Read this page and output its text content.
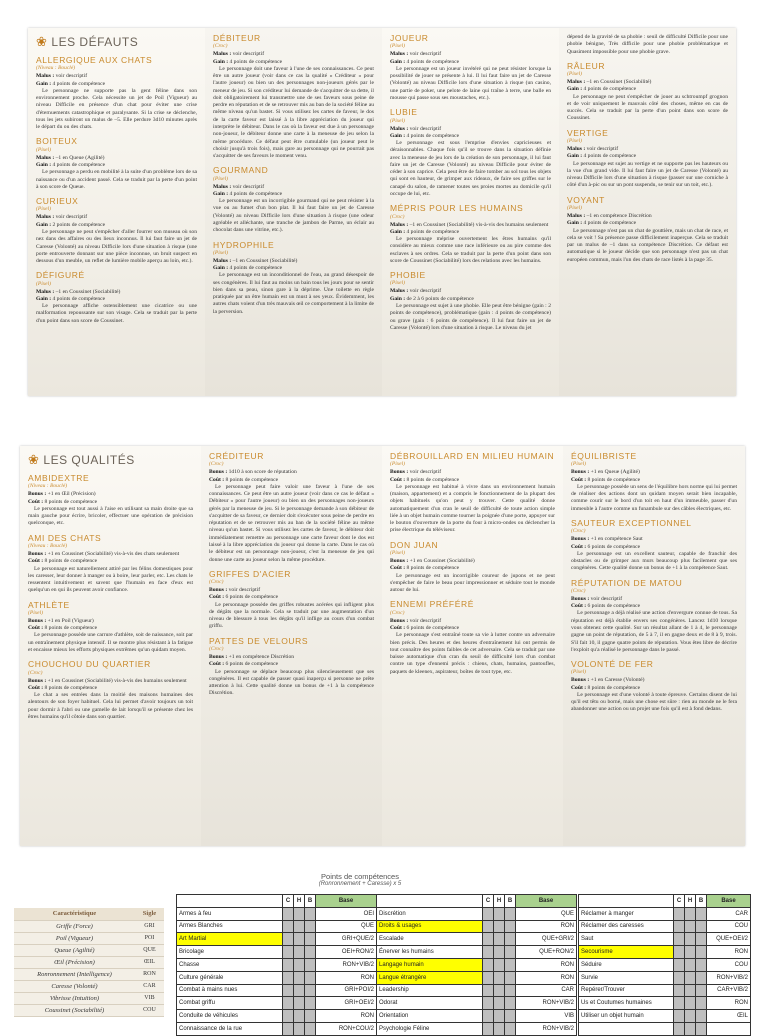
❀ LES DÉFAUTS
ALLERGIQUE AUX CHATS
(Niveau : Bouclé)
Malus : voir descriptif
Gain : 4 points de compétence

Le personnage ne supporte pas la gent féline dans son environnement proche. Cela nécessite un jet de Poil (Vigueur) au niveau Difficile en présence d'un chat pour éviter une crise d'éternuements catastrophique et paralysante. Si la crise se déclenche, tous les jets subiront un malus de –5. Elle perdure 3d10 minutes après le départ du ou des chats.

BOITEUX
(Pixel)
Malus : –1 en Queue (Agilité)
Gain : 4 points de compétence

Le personnage a perdu en mobilité à la suite d'un problème lors de sa naissance ou d'un accident passé. Cela se traduit par la perte d'un point à son score de Queue.

CURIEUX
(Pixel)
Malus : voir descriptif
Gain : 2 points de compétence

Le personnage ne peut s'empêcher d'aller fourrer son museau où son nez dans des affaires ou des lieux inconnus. Il lui faut faire un jet de Caresse (Volonté) au niveau Difficile lors d'une situation à risque (une porte entrouverte donnant sur une pièce inconnue, un bruit suspect en dessous d'un meuble, un reflet de lumière mobile aperçu au loin, etc.).

DÉFIGURÉ
(Pixel)
Malus : –1 en Coussinet (Sociabilité)
Gain : 4 points de compétence

Le personnage affiche ostensiblement une cicatrice ou une malformation repoussante sur son visage. Cela se traduit par la perte d'un point dans son score de Coussinet.

DÉBITEUR
(Croc)
Malus : voir descriptif
Gain : 4 points de compétence

Le personnage doit une faveur à l'une de ses connaissances. Ce peut être un autre joueur (voir dans ce cas la qualité « Créditeur » pour l'autre joueur) ou bien un des personnages non-joueurs gérés par le meneur de jeu. Si son créditeur lui demande de s'acquitter de sa dette, il doit obligatoirement lui transmettre une de ses faveurs sous peine de perdre en réputation et de se retrouver mis au ban de la société féline au même niveau qu'un bastet. Si vous utilisez les cartes de faveur, le dos de la carte faveur est laissé à la libre appréciation du joueur qui interprète le débiteur. Dans le cas où la faveur est due à un personnage non-joueur, le débiteur donne une carte à la meneuse de jeu selon la même procédure. Ce défaut peut être cumulable (un joueur peut le choisir jusqu'à trois fois), mais gare au personnage qui ne pourrait pas s'acquitter de ses faveurs le moment venu.

GOURMAND
(Pixel)
Malus : voir descriptif
Gain : 4 points de compétence

Le personnage est un incorrigible gourmand qui ne peut résister à la vue ou au fumet d'un bon plat. Il lui faut faire un jet de Caresse (Volonté) au niveau Difficile lors d'une situation à risque (une odeur agréable et alléchante, une tranche de jambon de Parme, un éclair au chocolat dans une vitrine, etc.).

HYDROPHILE
(Pixel)
Malus : –1 en Coussinet (Sociabilité)
Gain : 4 points de compétence

Le personnage est un inconditionnel de l'eau, au grand désespoir de ses congénères. Il lui faut au moins un bain tous les jours pour se sentir bien dans sa peau, sinon gare à la déprime. Une toilette en règle pratiquée par un être humain est un must à ses yeux. Évidemment, les autres chats voient d'un très mauvais œil ce comportement à la limite de la perversion.

JOUEUR
(Pixel)
Malus : voir descriptif
Gain : 4 points de compétence

Le personnage est un joueur invétéré qui ne peut résister lorsque la possibilité de jouer se présente à lui. Il lui faut faire un jet de Caresse (Volonté) au niveau Difficile lors d'une situation à risque (un casino, une partie de poker, une pelote de laine qui traîne à terre, une balle en mousse qui passe sous ses moustaches, etc.).

LUBIE
(Pixel)
Malus : voir descriptif
Gain : 4 points de compétence

Le personnage est sous l'emprise d'envies capricieuses et déraisonnables. Chaque fois qu'il se trouve dans la situation définie avec la meneuse de jeu lors de la création de son personnage, il lui faut faire un jet de Caresse (Volonté) au niveau Difficile pour éviter de céder à son caprice. Cela peut être de faire tomber au sol tous les objets qui sont en hauteur, de grimper aux rideaux, de faire ses griffes sur le canapé du salon, de ramener toutes ses proies mortes au domicile qu'il occupe de lui, etc.

MÉPRIS POUR LES HUMAINS
(Croc)
Malus : –1 en Coussinet (Sociabilité) vis-à-vis des humains seulement
Gain : 4 points de compétence

Le personnage méprise ouvertement les êtres humains qu'il considère au mieux comme une race inférieure ou au pire comme des esclaves à ses ordres. Cela se traduit par la perte d'un point dans son score de Coussinet (Sociabilité) lors des relations avec les humains.

PHOBIE
(Pixel)
Malus : voir descriptif
Gain : de 2 à 6 points de compétence

Le personnage est sujet à une phobie. Elle peut être bénigne (gain : 2 points de compétence), problématique (gain : 4 points de compétence) ou grave (gain : 6 points de compétence). Il lui faut faire un jet de Caresse (Volonté) lors d'une situation à risque. Le niveau du jet

dépend de la gravité de sa phobie : seuil de difficulté Difficile pour une phobie bénigne, Très difficile pour une phobie problématique et Quasiment impossible pour une phobie grave.

RÂLEUR
(Pixel)
Malus : –1 en Coussinet (Sociabilité)
Gain : 4 points de compétence

Le personnage ne peut s'empêcher de jouer au schtroumpf grognon et de voir uniquement le mauvais côté des choses, même en cas de succès. Cela se traduit par la perte d'un point dans son score de Coussinet.

VERTIGE
(Pixel)
Malus : voir descriptif
Gain : 4 points de compétence

Le personnage est sujet au vertige et ne supporte pas les hauteurs ou la vue d'un grand vide. Il lui faut faire un jet de Caresse (Volonté) au niveau Difficile lors d'une situation à risque (passer sur une corniche à côté d'un à-pic ou sur un pont suspendu, se tenir sur un toit, etc.).

VOYANT
(Pixel)
Malus : –1 en compétence Discrétion
Gain : 4 points de compétence

Le personnage n'est pas un chat de gouttière, mais un chat de race, et cela se voit ! Sa présence passe difficilement inaperçue. Cela se traduit par un malus de –1 dans sa compétence Discrétion. Ce défaut est automatique si le joueur décide que son personnage n'est pas un chat européen commun, mais l'un des chats de race listés à la page 35.

❀ LES QUALITÉS
AMBIDEXTRE
(Niveau : Bouclé)
Bonus : +1 en Œil (Précision)
Coût : 8 points de compétence

Le personnage est tout aussi à l'aise en utilisant sa main droite que sa main gauche pour écrire, bricoler, effectuer une opération de précision quelconque, etc.

AMI DES CHATS
(Niveau : Bouclé)
Bonus : +1 en Coussinet (Sociabilité) vis-à-vis des chats seulement
Coût : 8 points de compétence

Le personnage est naturellement attiré par les félins domestiques pour les caresser, leur donner à manger ou à boire, leur parler, etc. Les chats le ressentent intuitivement et savent que l'humain en face d'eux est quelqu'un en qui ils peuvent avoir confiance.

ATHLÈTE
(Pixel)
Bonus : +1 en Poil (Vigueur)
Coût : 8 points de compétence

Le personnage possède une carrure d'athlète, soit de naissance, soit par un entraînement physique intensif. Il se montre plus résistant à la fatigue et encaisse mieux les efforts physiques extrêmes qu'un quidam moyen.

CHOUCHOU DU QUARTIER
(Croc)
Bonus : +1 en Coussinet (Sociabilité) vis-à-vis des humains seulement
Coût : 8 points de compétence

Le chat a ses entrées dans la moitié des maisons humaines des alentours de son foyer habituel. Cela lui permet d'avoir toujours un toit pour dormir à l'abri ou une gamelle de lait lorsqu'il se présente chez les êtres humains qu'il côtoie dans son quartier.

CRÉDITEUR
(Croc)
Bonus : 1d10 à son score de réputation
Coût : 8 points de compétence

Le personnage peut faire valoir une faveur à l'une de ses connaissances. Ce peut être un autre joueur (voir dans ce cas le défaut « Débiteur » pour l'autre joueur) ou bien un des personnages non-joueurs gérés par la meneuse de jeu. Si le personnage demande à son débiteur de s'acquitter de sa faveur, ce dernier doit s'exécuter sous peine de perdre en réputation et de se retrouver mis au ban de la société féline au même niveau qu'un bastet. Si vous utilisez les cartes de faveur, le débiteur doit immédiatement remettre au personnage une carte faveur dont le dos est laissé à la libre appréciation du joueur qui donne la carte. Dans le cas où le débiteur est un personnage non-joueur, c'est la meneuse de jeu qui donne une carte au joueur selon la même procédure.

GRIFFES D'ACIER
(Croc)
Bonus : voir descriptif
Coût : 6 points de compétence

Le personnage possède des griffes robustes acérées qui infligent plus de dégâts que la normale. Cela se traduit par une augmentation d'un niveau de blessure à tous les dégâts qu'il inflige au cours d'un combat griffu.

PATTES DE VELOURS
(Croc)
Bonus : +1 en compétence Discrétion
Coût : 6 points de compétence

Le personnage se déplace beaucoup plus silencieusement que ses congénères. Il est capable de passer quasi inaperçu si personne ne prête attention à lui. Cette qualité donne un bonus de +1 à la compétence Discrétion.

DÉBROUILLARD EN MILIEU HUMAIN
(Pixel)
Bonus : voir descriptif
Coût : 8 points de compétence

Le personnage est habitué à vivre dans un environnement humain (maison, appartement) et a compris le fonctionnement de la plupart des objets habituels qu'on peut y trouver. Cette qualité donne automatiquement d'un cran le seuil de difficulté de toute action simple liée à un objet humain comme tourner la poignée d'une porte, appuyer sur le bouton d'ouverture de la porte du four à micro-ondes ou déclencher la prise électrique du téléviseur.

DON JUAN
(Pixel)
Bonus : +1 en Coussinet (Sociabilité)
Coût : 8 points de compétence

Le personnage est un incorrigible coureur de jupons et ne peut s'empêcher de faire le beau pour impressionner et séduire tout le monde autour de lui.

ENNEMI PRÉFÉRÉ
(Croc)
Bonus : voir descriptif
Coût : 6 points de compétence

Le personnage s'est entraîné toute sa vie à lutter contre un adversaire bien précis. Des heures et des heures d'entraînement lui ont permis de tout connaître des points faibles de cet adversaire. Cela se traduit par une baisse automatique d'un cran du seuil de difficulté lors d'un combat contre un type d'ennemi précis : chiens, chats, humains, pantoufles, paquets de kleenex, aspirateur, boîtes de tout type, etc.

ÉQUILIBRISTE
(Pixel)
Bonus : +1 en Queue (Agilité)
Coût : 8 points de compétence

Le personnage possède un sens de l'équilibre hors norme qui lui permet de réaliser des actions dont un quidam moyen serait bien incapable, comme courir sur le bord d'un toit en haut d'un immeuble, passer d'un immeuble à l'autre comme un funambule sur des câbles électriques, etc.

SAUTEUR EXCEPTIONNEL
(Croc)
Bonus : +1 en compétence Saut
Coût : 6 points de compétence

Le personnage est un excellent sauteur, capable de franchir des obstacles ou de grimper aux murs beaucoup plus facilement que ses congénères. Cette qualité donne un bonus de +1 à la compétence Saut.

RÉPUTATION DE MATOU
(Croc)
Bonus : voir descriptif
Coût : 6 points de compétence

Le personnage a déjà réalisé une action d'envergure connue de tous. Sa réputation est déjà établie envers ses congénères. Lancez 1d10 lorsque vous obtenez cette qualité. Sur un résultat allant de 1 à 4, le personnage gagne un point de réputation, de 5 à 7, il en gagne deux et de 8 à 9, trois. S'il fait 10, il gagne quatre points de réputation. Vous êtes libre de décrire l'exploit qu'a réalisé le personnage dans le passé.

VOLONTÉ DE FER
(Pixel)
Bonus : +1 en Caresse (Volonté)
Coût : 8 points de compétence

Le personnage est d'une volonté à toute épreuve. Certains disent de lui qu'il est têtu ou borné, mais une chose est sûre : rien au monde ne le fera abandonner une action ou un projet une fois qu'il est à fond dedans.

Points de compétences
(Ronronnement + Caresse) x 5
Caractéristique	Sigle
Griffe (Force)	GRI
Poil (Vigueur)	POI
Queue (Agilité)	QUE
Œil (Précision)	ŒIL
Ronronnement (Intelligence)	RON
Caresse (Volonté)	CAR
Vibrisse (Intuition)	VIB
Coussinet (Sociabilité)	COU
	C	H	B	Base		C	H	B	Base
Armes à feu				OEI	Discrétion				QUE
Armes Blanches				QUE	Droits & usages				RON
Art Martial				GRI+QUE/2	Escalade				QUE+GRI/2
Bricolage				OEI+RON/2	Énerver les humains				QUE+RON/2
Chasse				RON+VIB/2	Langage humain				RON
Culture générale				RON	Langue étrangère				RON
Combat à mains nues				GRI+POI/2	Leadership				CAR
Combat griffu				GRI+OEI/2	Odorat				RON+VIB/2
Conduite de véhicules				RON	Orientation				VIB
Connaissance de la rue				RON+COU/2	Psychologie Féline				RON+VIB/2
	C	H	B	Base
Réclamer à manger				CAR
Réclamer des caresses				COU
Saut				QUE+OEI/2
Secourisme				RON
Séduire				COU
Survie				RON+VIB/2
Repérer/Trouver				CAR+VIB/2
Us et Coutumes humaines				RON
Utiliser un objet humain				ŒIL
